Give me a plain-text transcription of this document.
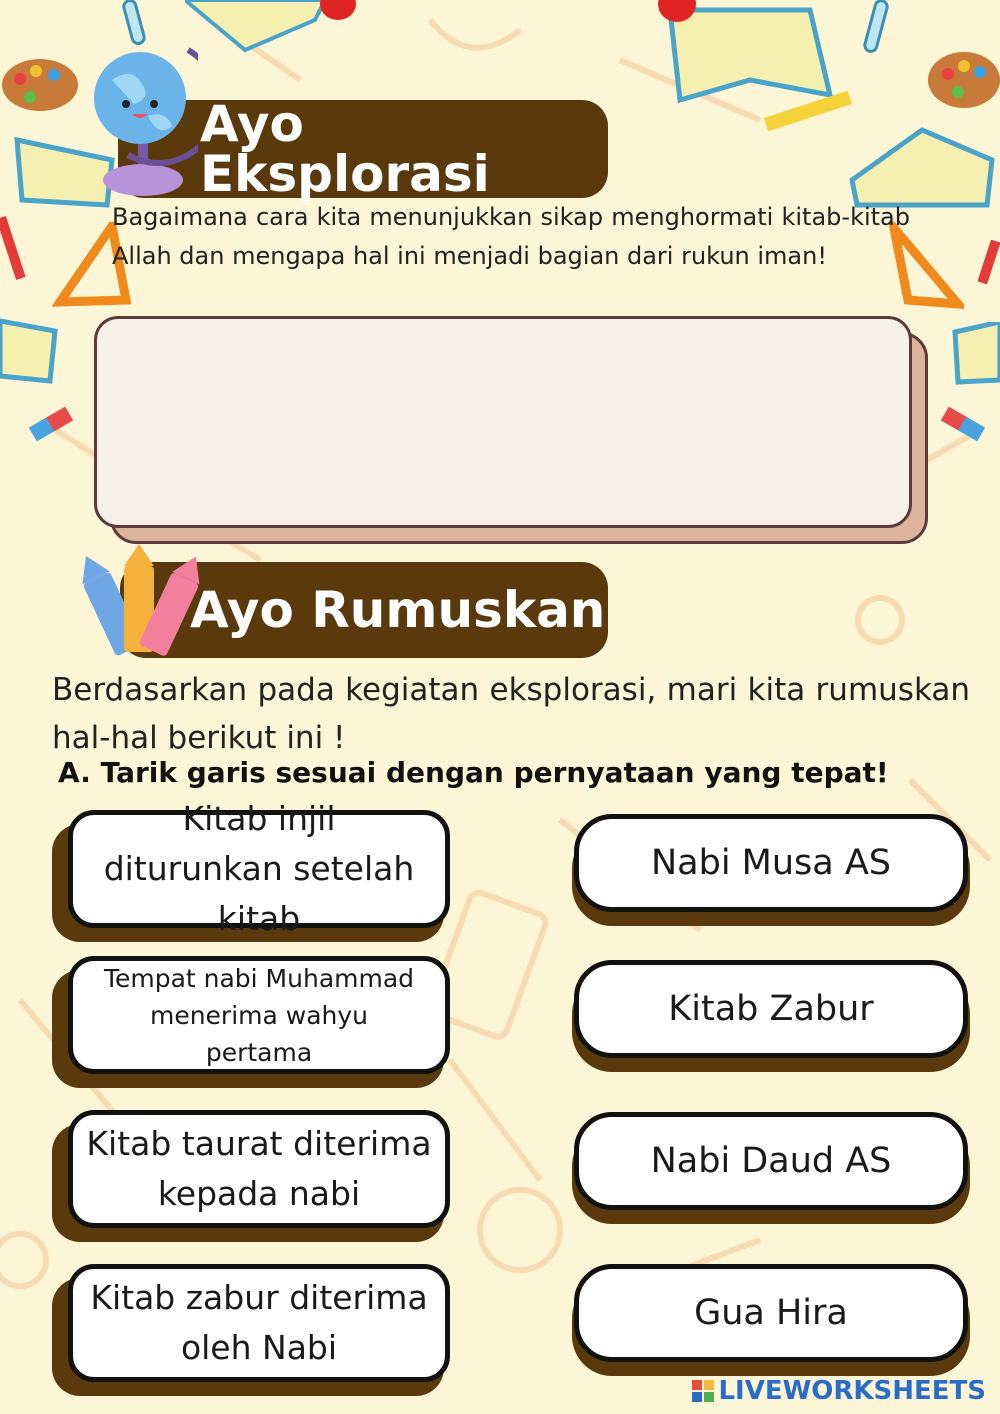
Ayo Eksplorasi
Bagaimana cara kita menunjukkan sikap menghormati kitab-kitab Allah dan mengapa hal ini menjadi bagian dari rukun iman!
Ayo Rumuskan
Berdasarkan pada kegiatan eksplorasi, mari kita rumuskan hal-hal berikut ini !
A. Tarik garis sesuai dengan pernyataan yang tepat!
Kitab injil diturunkan setelah kitab
Tempat nabi Muhammad menerima wahyu pertama
Kitab taurat diterima kepada nabi
Kitab zabur diterima oleh Nabi
Nabi Musa AS
Kitab Zabur
Nabi Daud AS
Gua Hira
LIVEWORKSHEETS
